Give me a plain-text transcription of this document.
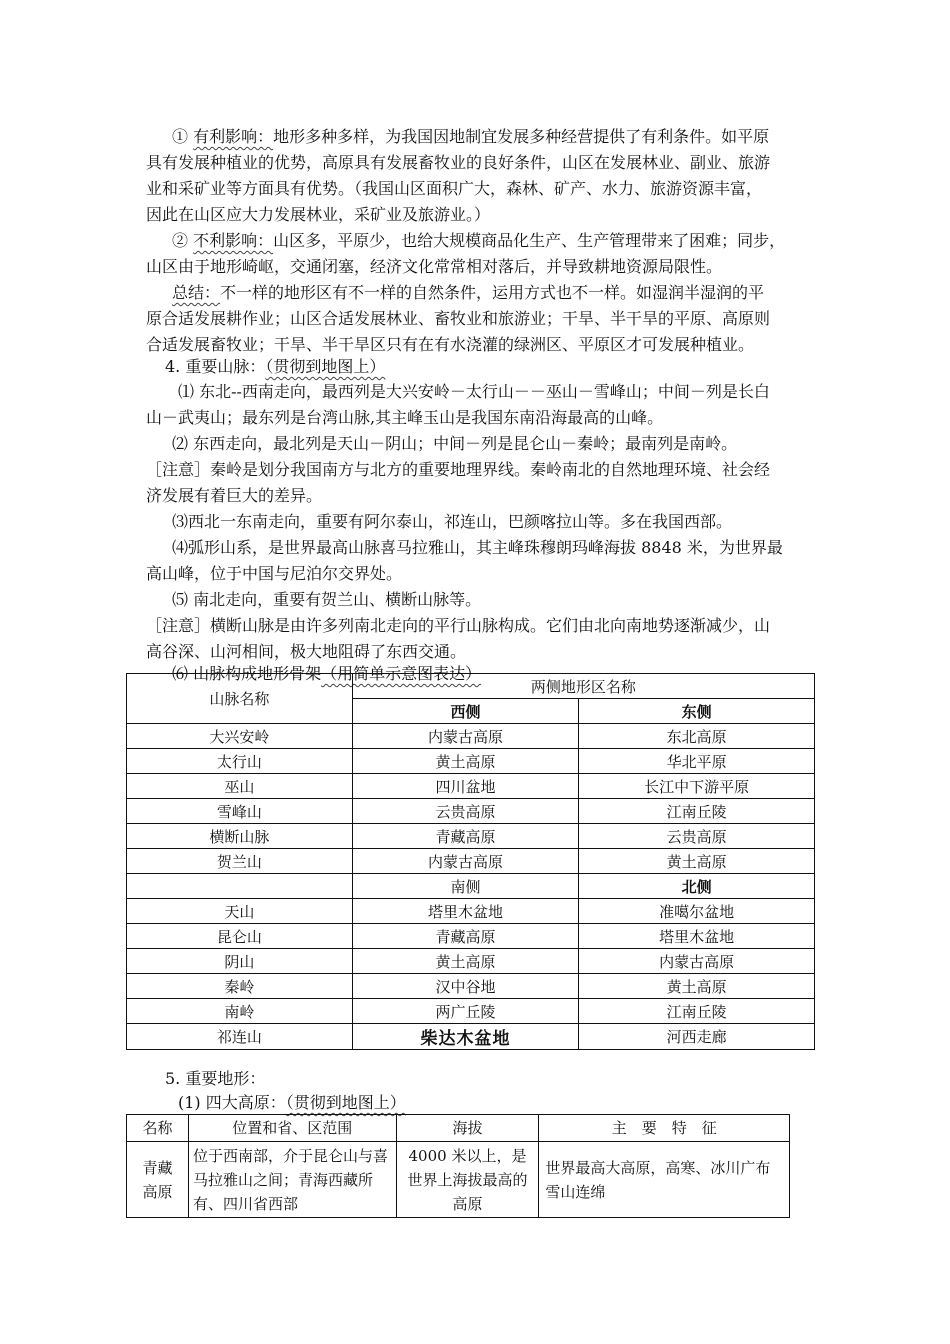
① 有利影响：地形多种多样，为我国因地制宜发展多种经营提供了有利条件。如平原
具有发展种植业的优势，高原具有发展畜牧业的良好条件，山区在发展林业、副业、旅游
业和采矿业等方面具有优势。（我国山区面积广大，森林、矿产、水力、旅游资源丰富，
因此在山区应大力发展林业，采矿业及旅游业。）
② 不利影响：山区多，平原少，也给大规模商品化生产、生产管理带来了困难；同步，
山区由于地形崎岖，交通闭塞，经济文化常常相对落后，并导致耕地资源局限性。
总结：不一样的地形区有不一样的自然条件，运用方式也不一样。如湿润半湿润的平
原合适发展耕作业；山区合适发展林业、畜牧业和旅游业；干旱、半干旱的平原、高原则
合适发展畜牧业；干旱、半干旱区只有在有水浇灌的绿洲区、平原区才可发展种植业。
4. 重要山脉：（贯彻到地图上）
⑴ 东北--西南走向，最西列是大兴安岭－太行山－－巫山－雪峰山；中间－列是长白
山－武夷山；最东列是台湾山脉,其主峰玉山是我国东南沿海最高的山峰。
⑵ 东西走向，最北列是天山－阴山；中间－列是昆仑山－秦岭；最南列是南岭。
［注意］秦岭是划分我国南方与北方的重要地理界线。秦岭南北的自然地理环境、社会经
济发展有着巨大的差异。
⑶西北一东南走向，重要有阿尔泰山，祁连山，巴颜喀拉山等。多在我国西部。
⑷弧形山系，是世界最高山脉喜马拉雅山，其主峰珠穆朗玛峰海拔 8848 米，为世界最
高山峰，位于中国与尼泊尔交界处。
⑸ 南北走向，重要有贺兰山、横断山脉等。
［注意］横断山脉是由许多列南北走向的平行山脉构成。它们由北向南地势逐渐减少，山
高谷深、山河相间，极大地阻碍了东西交通。
⑹ 山脉构成地形骨架（用简单示意图表达）
山脉名称	两侧地形区名称	
	西侧	东侧
大兴安岭	内蒙古高原	东北高原
太行山	黄土高原	华北平原
巫山	四川盆地	长江中下游平原
雪峰山	云贵高原	江南丘陵
横断山脉	青藏高原	云贵高原
贺兰山	内蒙古高原	黄土高原
	南侧	北侧
天山	塔里木盆地	准噶尔盆地
昆仑山	青藏高原	塔里木盆地
阴山	黄土高原	内蒙古高原
秦岭	汉中谷地	黄土高原
南岭	两广丘陵	江南丘陵
祁连山	柴达木盆地	河西走廊
5. 重要地形：
(1) 四大高原：（贯彻到地图上）
名称	位置和省、区范围	海拔	主　要　特　征
青藏高原	位于西南部，介于昆仑山与喜马拉雅山之间；青海西藏所有、四川省西部	4000 米以上，是世界上海拔最高的高原	世界最高大高原，高寒、冰川广布雪山连绵
